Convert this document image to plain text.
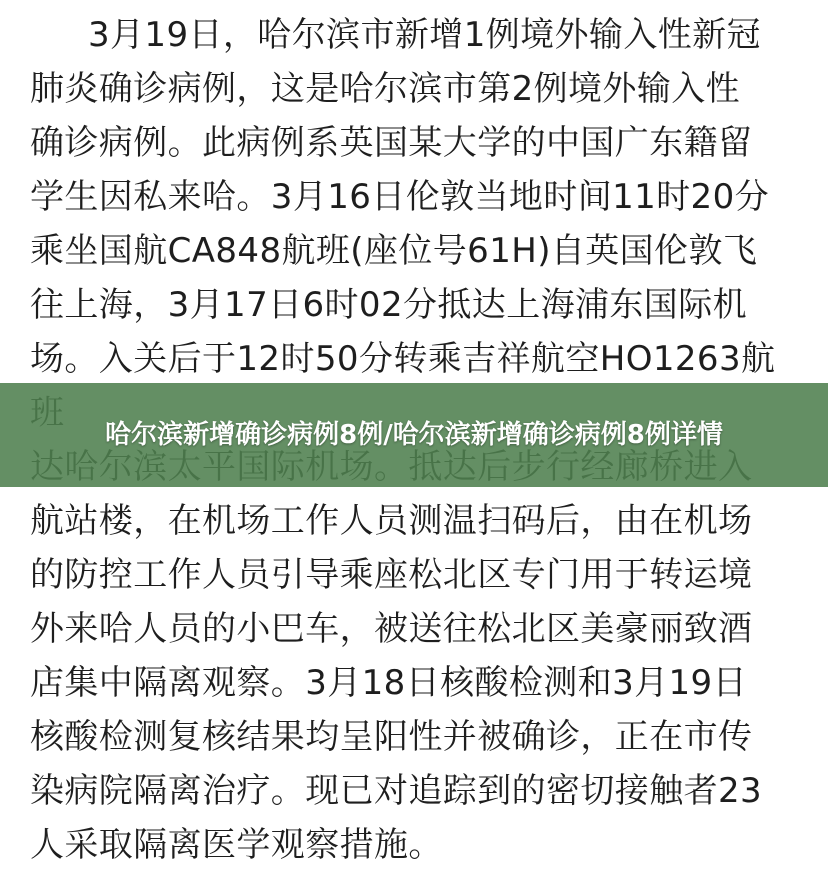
3月19日，哈尔滨市新增1例境外输入性新冠
肺炎确诊病例，这是哈尔滨市第2例境外输入性
确诊病例。此病例系英国某大学的中国广东籍留
学生因私来哈。3月16日伦敦当地时间11时20分
乘坐国航CA848航班(座位号61H)自英国伦敦飞
往上海，3月17日6时02分抵达上海浦东国际机
场。入关后于12时50分转乘吉祥航空HO1263航
航站楼，在机场工作人员测温扫码后，由在机场
的防控工作人员引导乘座松北区专门用于转运境
外来哈人员的小巴车，被送往松北区美豪丽致酒
店集中隔离观察。3月18日核酸检测和3月19日
核酸检测复核结果均呈阳性并被确诊，正在市传
染病院隔离治疗。现已对追踪到的密切接触者23
人采取隔离医学观察措施。
哈尔滨新增确诊病例8例/哈尔滨新增确诊病例8例详情
